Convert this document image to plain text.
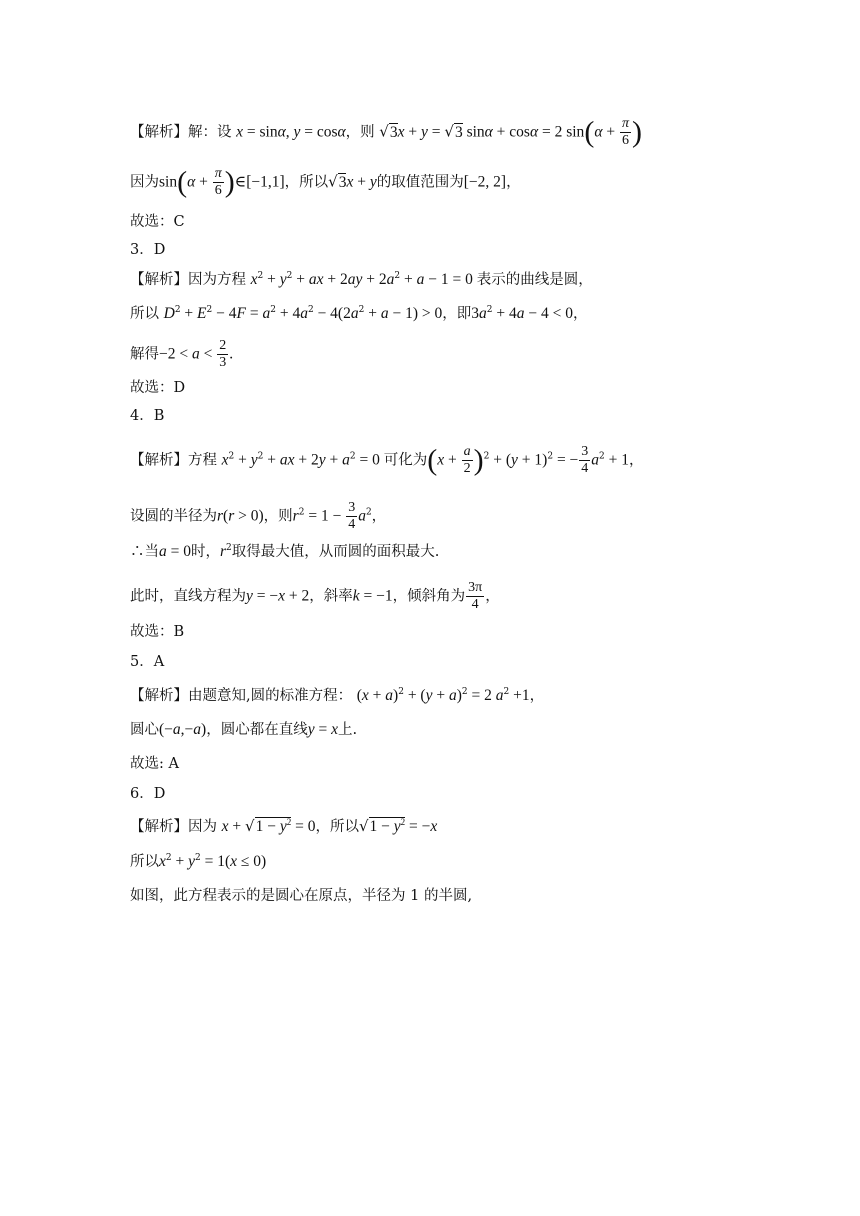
【解析】解：设 x = sinα, y = cosα，则 √3x + y = √3 sinα + cosα = 2 $\sin(\alpha + \frac{\pi}{6}$ )
因为$\sin(\alpha + \frac{\pi}{6}$ )∈[−1,1]，所以√3x + y的取值范围为[−2, 2]，
故选：C
3．D
【解析】因为方程 $x^2 + y^2$ + ax + $2ay + 2a^2 + a - 1 = 0$ 表示的曲线是圆，
所以 $D^2 + E^2 - 4F = a^2 + 4a^2 - 4(2a^2 + a - 1) > 0$，即$3a^2 + 4a - 4 < 0$，
解得$-2 < a < \frac{2}{3}$ .
故选：D
4．B
【解析】方程 $x^2 + y^2$ + ax + $2y + a^2 = 0$ 可化为$(x + \frac{a}{2} )^2 + (y + 1)^2$ = − $\frac{3}{4} a^2 + 1$，
设圆的半径为r(r > 0)，则$r^2 = 1 - \frac{3}{4} a^2$，
∴当a = 0时，$r^2$取得最大值，从而圆的面积最大.
此时，直线方程为y = −x + 2，斜率k = −1，倾斜角为 $\frac{3\pi}{4}$ ，
故选：B
5．A
【解析】由题意知,圆的标准方程： $(x + a)^2 + (y + a)^2 = 2$ $a^2 +1$，
圆心(−a,−a)，圆心都在直线y = x上.
故选: A
6．D
【解析】因为 $x + √1 - y^2 = 0$，所以$√1 - y^2 = -x$
所以$x^2 + y^2 = 1(x \le 0)$
如图，此方程表示的是圆心在原点，半径为 1 的半圆,
